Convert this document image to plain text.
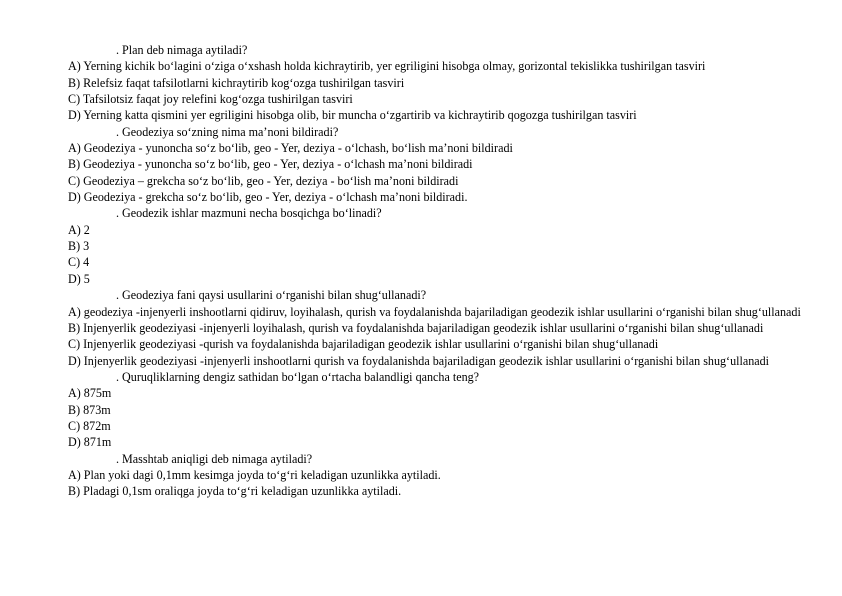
. Plan deb nimaga aytiladi?
A) Yerning kichik bo‘lagini o‘ziga o‘xshash holda kichraytirib, yer egriligini hisobga olmay, gorizontal tekislikka tushirilgan tasviri
B) Relefsiz faqat tafsilotlarni kichraytirib kog‘ozga tushirilgan tasviri
C) Tafsilotsiz faqat joy relefini kog‘ozga tushirilgan tasviri
D) Yerning katta qismini yer egriligini hisobga olib, bir muncha o‘zgartirib va kichraytirib qogozga tushirilgan tasviri
. Geodeziya so‘zning nima ma’noni bildiradi?
A) Geodeziya - yunoncha so‘z bo‘lib, geo - Yer, deziya - o‘lchash, bo‘lish ma’noni bildiradi
B) Geodeziya - yunoncha so‘z bo‘lib, geo - Yer, deziya - o‘lchash ma’noni bildiradi
C) Geodeziya – grekcha so‘z bo‘lib, geo - Yer, deziya - bo‘lish ma’noni bildiradi
D) Geodeziya - grekcha so‘z bo‘lib, geo - Yer, deziya - o‘lchash ma’noni bildiradi.
. Geodezik ishlar mazmuni necha bosqichga bo‘linadi?
A) 2
B) 3
C) 4
D) 5
. Geodeziya fani qaysi usullarini o‘rganishi bilan shug‘ullanadi?
A) geodeziya -injenyerli inshootlarni qidiruv, loyihalash, qurish va foydalanishda bajariladigan geodezik ishlar usullarini o‘rganishi bilan shug‘ullanadi
B) Injenyerlik geodeziyasi -injenyerli loyihalash, qurish va foydalanishda bajariladigan geodezik ishlar usullarini o‘rganishi bilan shug‘ullanadi
C) Injenyerlik geodeziyasi -qurish va foydalanishda bajariladigan geodezik ishlar usullarini o‘rganishi bilan shug‘ullanadi
D) Injenyerlik geodeziyasi -injenyerli inshootlarni qurish va foydalanishda bajariladigan geodezik ishlar usullarini o‘rganishi bilan shug‘ullanadi
. Quruqliklarning dengiz sathidan bo‘lgan o‘rtacha balandligi qancha teng?
A) 875m
B) 873m
C) 872m
D) 871m
. Masshtab aniqligi deb nimaga aytiladi?
A) Plan yoki dagi 0,1mm kesimga joyda to‘g‘ri keladigan uzunlikka aytiladi.
B) Pladagi 0,1sm oraliqga joyda to‘g‘ri keladigan uzunlikka aytiladi.
